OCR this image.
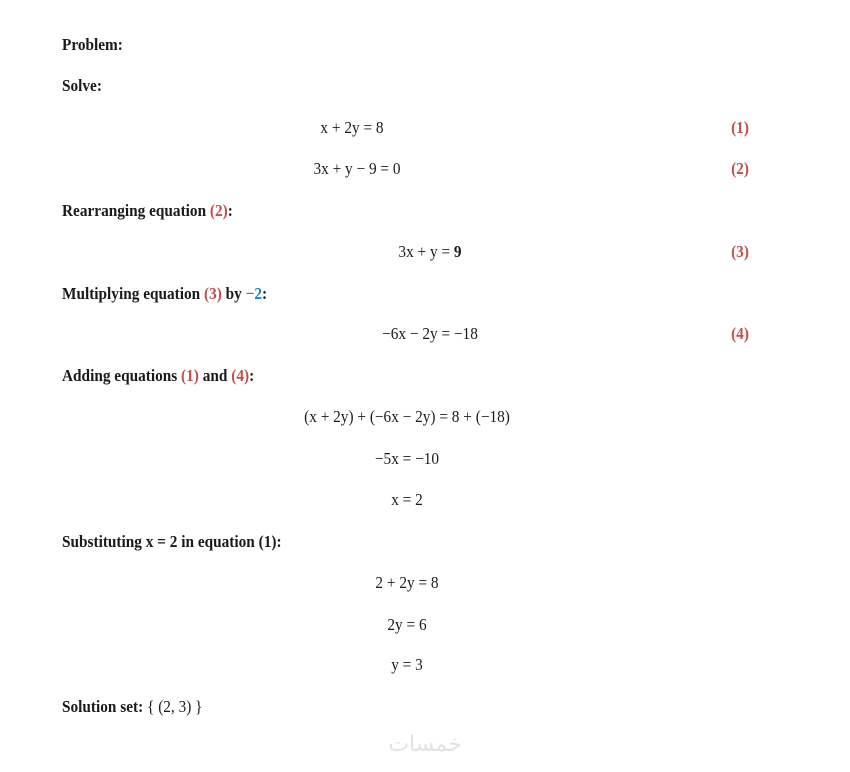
Problem:
Solve:
x + 2y = 8	(1)
3x + y − 9 = 0	(2)
Rearranging equation (2):
3x + y = 9	(3)
Multiplying equation (3) by −2:
−6x − 2y = −18	(4)
Adding equations (1) and (4):
(x + 2y) + (−6x − 2y) = 8 + (−18)
−5x = −10
x = 2
Substituting x = 2 in equation (1):
2 + 2y = 8
2y = 6
y = 3
Solution set: { (2, 3) }
خمسات
